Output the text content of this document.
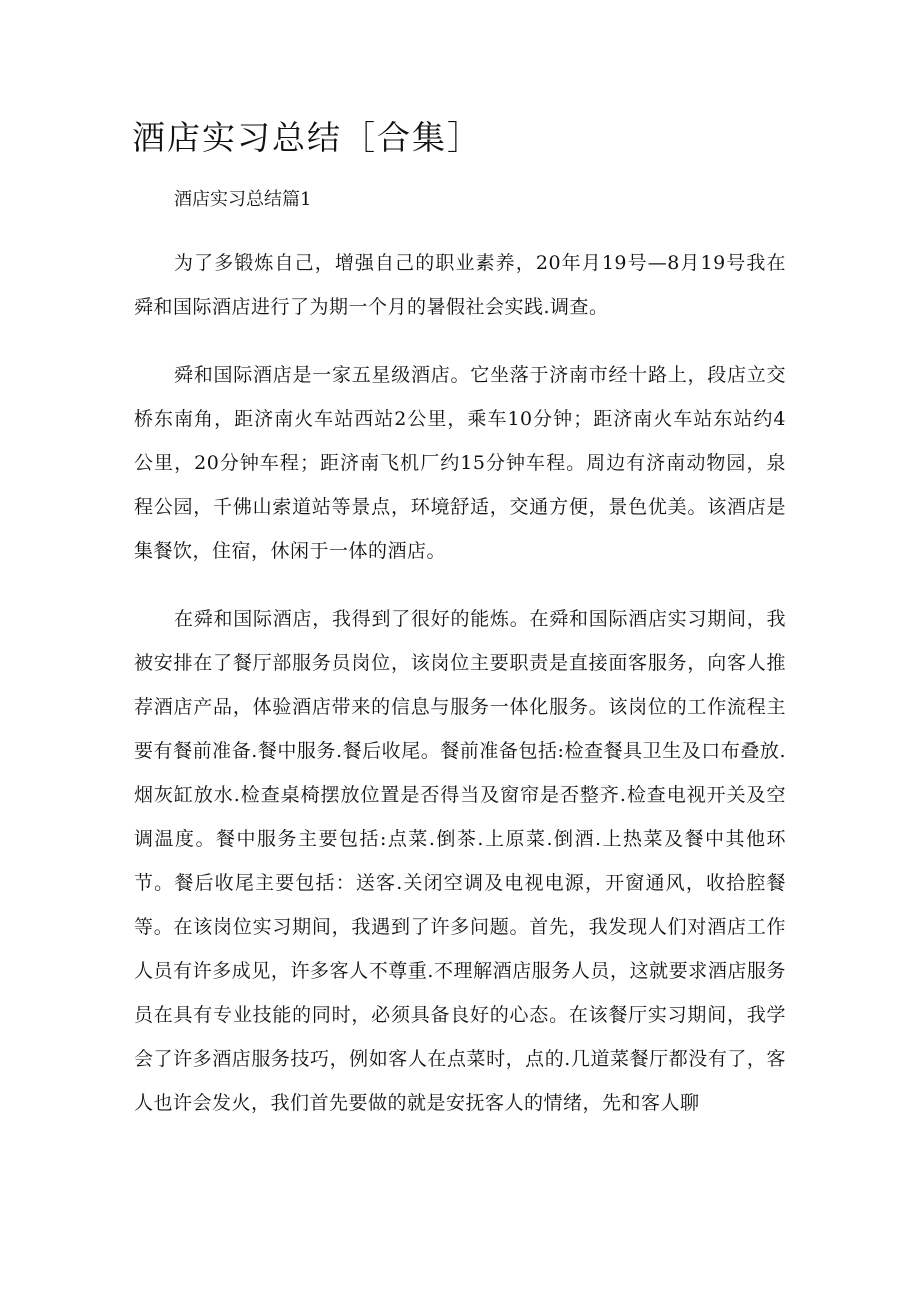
酒店实习总结［合集］
酒店实习总结篇1

为了多锻炼自己，增强自己的职业素养，20年月19号—8月19号我在舜和国际酒店进行了为期一个月的暑假社会实践.调查。

舜和国际酒店是一家五星级酒店。它坐落于济南市经十路上，段店立交桥东南角，距济南火车站西站2公里，乘车10分钟；距济南火车站东站约4公里，20分钟车程；距济南飞机厂约15分钟车程。周边有济南动物园，泉程公园，千佛山索道站等景点，环境舒适，交通方便，景色优美。该酒店是集餐饮，住宿，休闲于一体的酒店。

在舜和国际酒店，我得到了很好的能炼。在舜和国际酒店实习期间，我被安排在了餐厅部服务员岗位，该岗位主要职责是直接面客服务，向客人推荐酒店产品，体验酒店带来的信息与服务一体化服务。该岗位的工作流程主要有餐前准备.餐中服务.餐后收尾。餐前准备包括:检查餐具卫生及口布叠放.烟灰缸放水.检查桌椅摆放位置是否得当及窗帘是否整齐.检查电视开关及空调温度。餐中服务主要包括:点菜.倒茶.上原菜.倒酒.上热菜及餐中其他环节。餐后收尾主要包括：送客.关闭空调及电视电源，开窗通风，收拾腔餐等。在该岗位实习期间，我遇到了许多问题。首先，我发现人们对酒店工作人员有许多成见，许多客人不尊重.不理解酒店服务人员，这就要求酒店服务员在具有专业技能的同时，必须具备良好的心态。在该餐厅实习期间，我学会了许多酒店服务技巧，例如客人在点菜时，点的.几道菜餐厅都没有了，客人也许会发火，我们首先要做的就是安抚客人的情绪，先和客人聊
